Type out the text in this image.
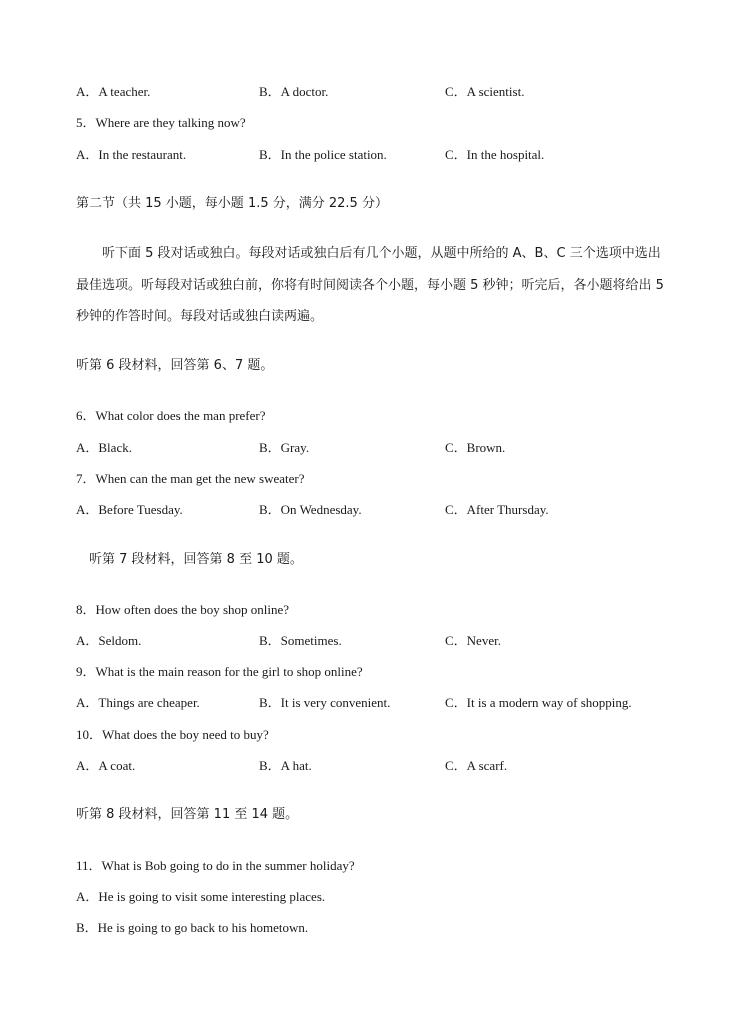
A．A teacher.	B．A doctor.	C．A scientist.
5．Where are they talking now?
A．In the restaurant.	B．In the police station.	C．In the hospital.
第二节（共 15 小题，每小题 1.5 分，满分 22.5 分）
听下面 5 段对话或独白。每段对话或独白后有几个小题，从题中所给的 A、B、C 三个选项中选出最佳选项。听每段对话或独白前，你将有时间阅读各个小题，每小题 5 秒钟；听完后，各小题将给出 5 秒钟的作答时间。每段对话或独白读两遍。
听第 6 段材料，回答第 6、7 题。
6．What color does the man prefer?
A．Black.	B．Gray.	C．Brown.
7．When can the man get the new sweater?
A．Before Tuesday.	B．On Wednesday.	C．After Thursday.
听第 7 段材料，回答第 8 至 10 题。
8．How often does the boy shop online?
A．Seldom.	B．Sometimes.	C．Never.
9．What is the main reason for the girl to shop online?
A．Things are cheaper.	B．It is very convenient.	C．It is a modern way of shopping.
10．What does the boy need to buy?
A．A coat.	B．A hat.	C．A scarf.
听第 8 段材料，回答第 11 至 14 题。
11．What is Bob going to do in the summer holiday?
A．He is going to visit some interesting places.
B．He is going to go back to his hometown.
